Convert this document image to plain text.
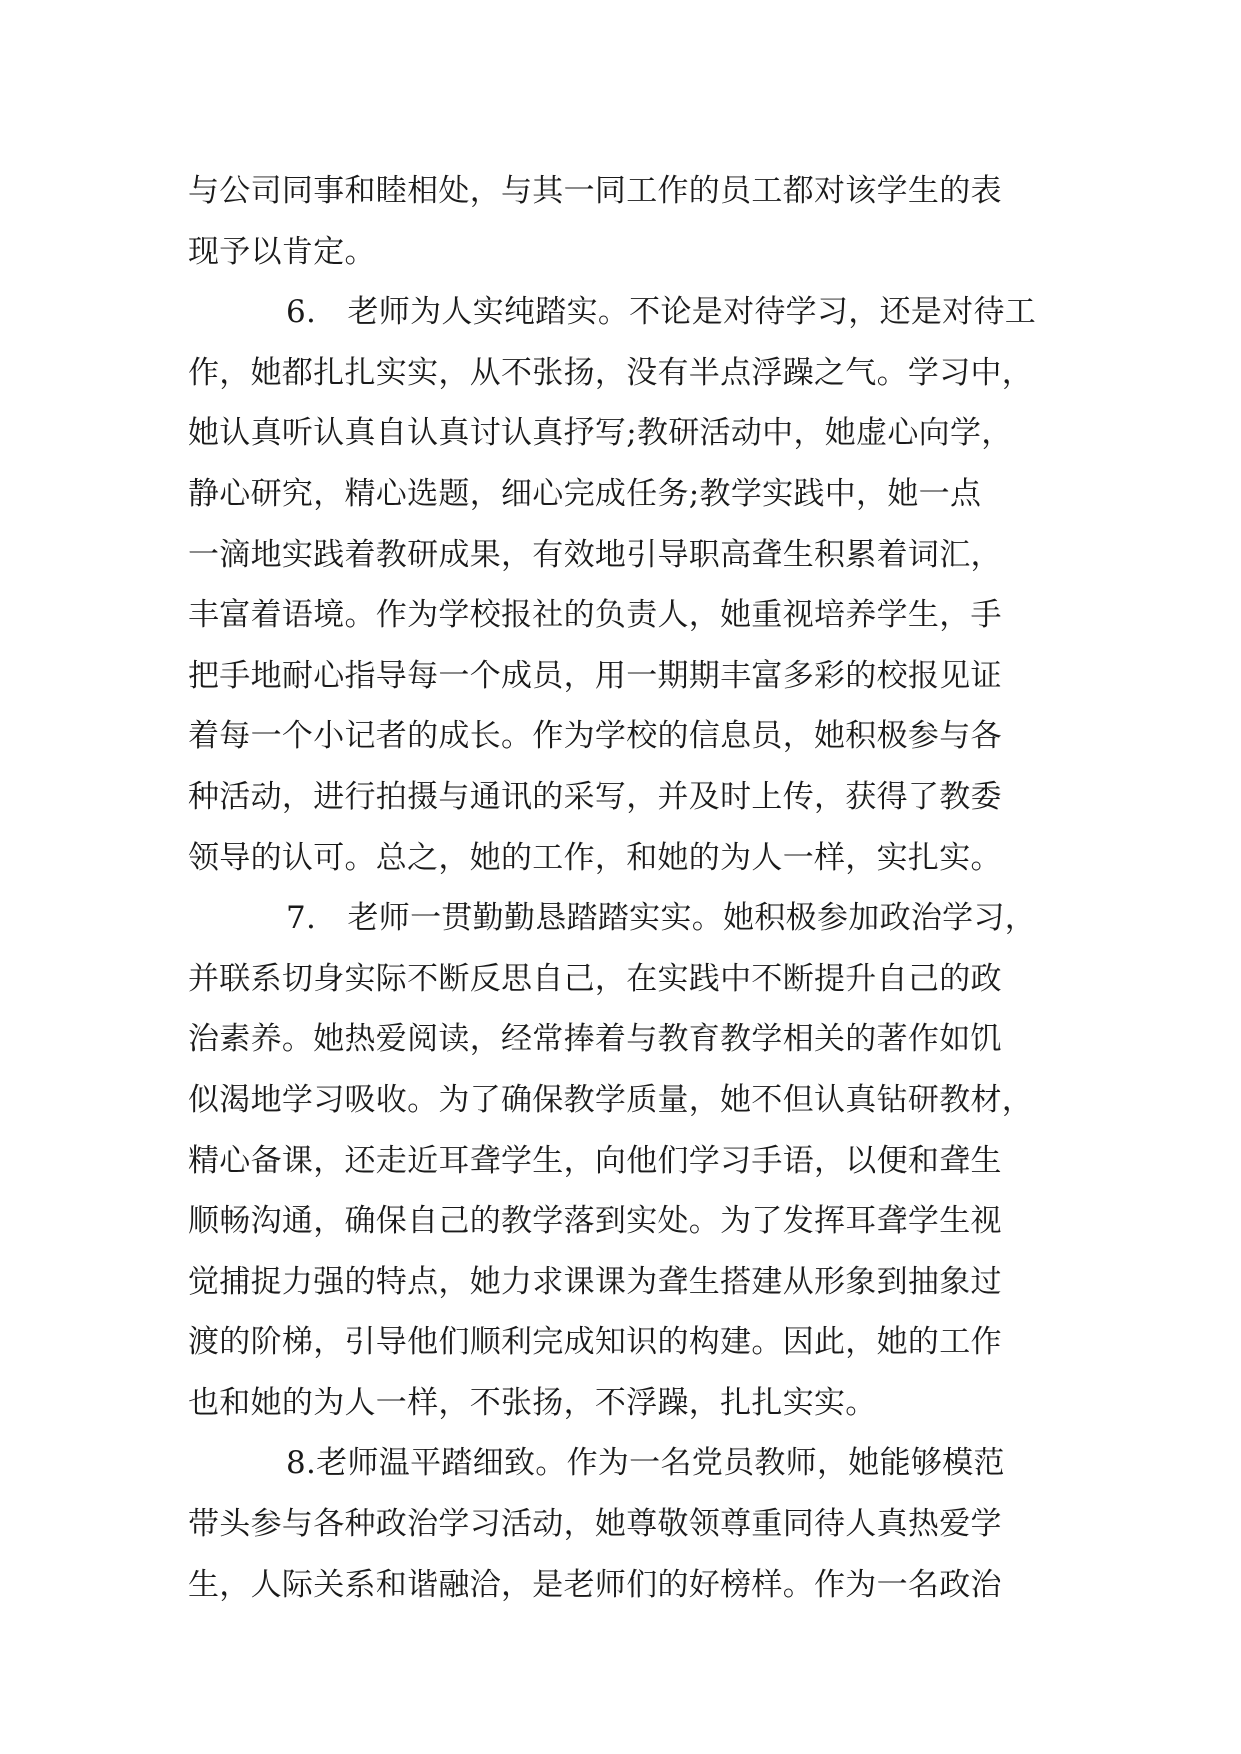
与公司同事和睦相处，与其一同工作的员工都对该学生的表
现予以肯定。
6.　老师为人实纯踏实。不论是对待学习，还是对待工
作，她都扎扎实实，从不张扬，没有半点浮躁之气。学习中，
她认真听认真自认真讨认真抒写;教研活动中，她虚心向学，
静心研究，精心选题，细心完成任务;教学实践中，她一点
一滴地实践着教研成果，有效地引导职高聋生积累着词汇，
丰富着语境。作为学校报社的负责人，她重视培养学生，手
把手地耐心指导每一个成员，用一期期丰富多彩的校报见证
着每一个小记者的成长。作为学校的信息员，她积极参与各
种活动，进行拍摄与通讯的采写，并及时上传，获得了教委
领导的认可。总之，她的工作，和她的为人一样，实扎实。
7.　老师一贯勤勤恳踏踏实实。她积极参加政治学习，
并联系切身实际不断反思自己，在实践中不断提升自己的政
治素养。她热爱阅读，经常捧着与教育教学相关的著作如饥
似渴地学习吸收。为了确保教学质量，她不但认真钻研教材，
精心备课，还走近耳聋学生，向他们学习手语，以便和聋生
顺畅沟通，确保自己的教学落到实处。为了发挥耳聋学生视
觉捕捉力强的特点，她力求课课为聋生搭建从形象到抽象过
渡的阶梯，引导他们顺利完成知识的构建。因此，她的工作
也和她的为人一样，不张扬，不浮躁，扎扎实实。
8.老师温平踏细致。作为一名党员教师，她能够模范
带头参与各种政治学习活动，她尊敬领尊重同待人真热爱学
生，人际关系和谐融洽，是老师们的好榜样。作为一名政治
